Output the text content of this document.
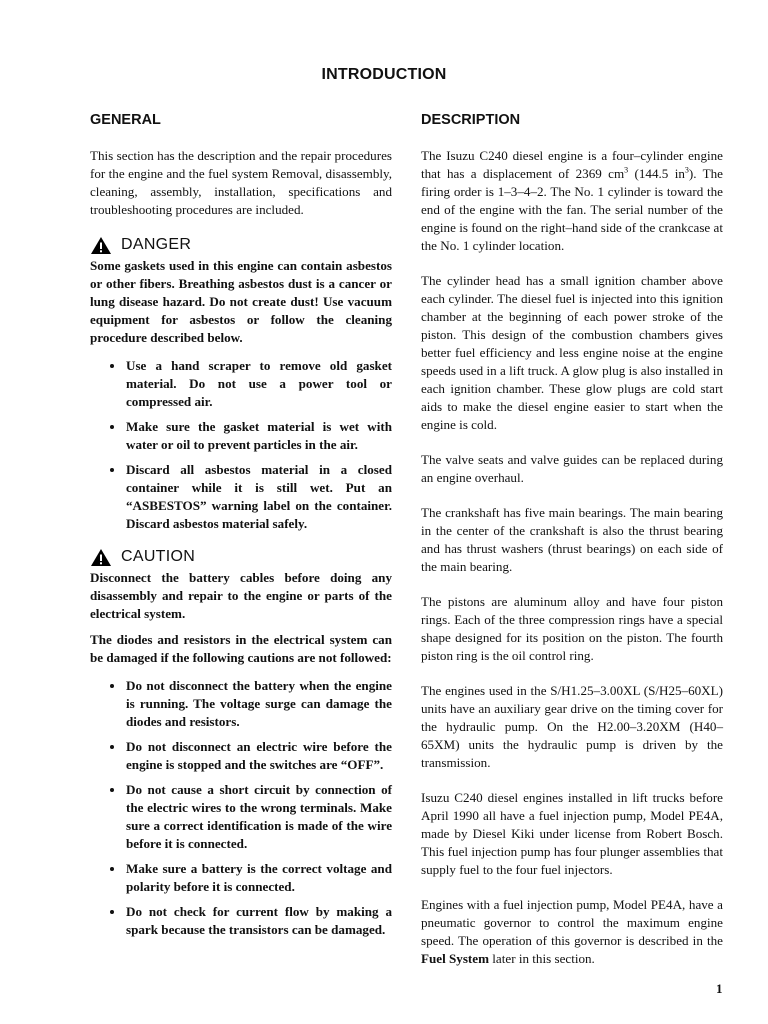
INTRODUCTION
GENERAL

This section has the description and the repair procedures for the engine and the fuel system Removal, disassembly, cleaning, assembly, installation, specifications and troubleshooting procedures are included.

DANGER

Some gaskets used in this engine can contain asbestos or other fibers. Breathing asbestos dust is a cancer or lung disease hazard. Do not create dust! Use vacuum equipment for asbestos or follow the cleaning procedure described below.

Use a hand scraper to remove old gasket material. Do not use a power tool or compressed air.

Make sure the gasket material is wet with water or oil to prevent particles in the air.

Discard all asbestos material in a closed container while it is still wet. Put an “ASBESTOS” warning label on the container. Discard asbestos material safely.

CAUTION

Disconnect the battery cables before doing any disassembly and repair to the engine or parts of the electrical system.

The diodes and resistors in the electrical system can be damaged if the following cautions are not followed:

Do not disconnect the battery when the engine is running. The voltage surge can damage the diodes and resistors.

Do not disconnect an electric wire before the engine is stopped and the switches are “OFF”.

Do not cause a short circuit by connection of the electric wires to the wrong terminals. Make sure a correct identification is made of the wire before it is connected.

Make sure a battery is the correct voltage and polarity before it is connected.

Do not check for current flow by making a spark because the transistors can be damaged.

DESCRIPTION

The Isuzu C240 diesel engine is a four–cylinder engine that has a displacement of 2369 $cm^3$ (144.5 $in^3$). The firing order is 1–3–4–2. The No. 1 cylinder is toward the end of the engine with the fan. The serial number of the engine is found on the right–hand side of the crankcase at the No. 1 cylinder location.

The cylinder head has a small ignition chamber above each cylinder. The diesel fuel is injected into this ignition chamber at the beginning of each power stroke of the piston. This design of the combustion chambers gives better fuel efficiency and less engine noise at the engine speeds used in a lift truck. A glow plug is also installed in each ignition chamber. These glow plugs are cold start aids to make the diesel engine easier to start when the engine is cold.

The valve seats and valve guides can be replaced during an engine overhaul.

The crankshaft has five main bearings. The main bearing in the center of the crankshaft is also the thrust bearing and has thrust washers (thrust bearings) on each side of the main bearing.

The pistons are aluminum alloy and have four piston rings. Each of the three compression rings have a special shape designed for its position on the piston. The fourth piston ring is the oil control ring.

The engines used in the S/H1.25–3.00XL (S/H25–60XL) units have an auxiliary gear drive on the timing cover for the hydraulic pump. On the H2.00–3.20XM (H40–65XM) units the hydraulic pump is driven by the transmission.

Isuzu C240 diesel engines installed in lift trucks before April 1990 all have a fuel injection pump, Model PE4A, made by Diesel Kiki under license from Robert Bosch. This fuel injection pump has four plunger assemblies that supply fuel to the four fuel injectors.

Engines with a fuel injection pump, Model PE4A, have a pneumatic governor to control the maximum engine speed. The operation of this governor is described in the Fuel System later in this section.

1
